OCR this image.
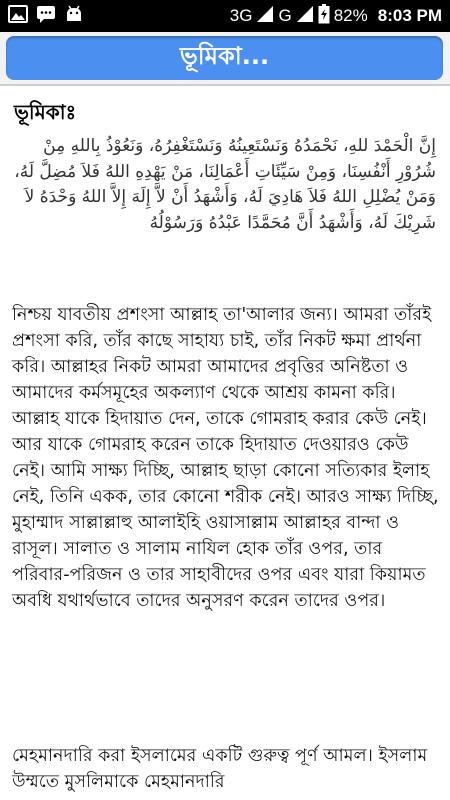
3G G 82% 8:03 PM
ভূমিকা...
ভূমিকাঃ
إِنَّ الْحَمْدَ للهِ، نَحْمَدُهُ وَنَسْتَعِينُهُ وَنَسْتَغْفِرُهُ، وَنَعُوْذُ بِاللهِ مِنْ شُرُوْرِ أَنْفُسِنَا، وَمِنْ سَيِّئَاتِ أَعْمَالِنَا، مَنْ يَهْدِهِ اللهُ فَلاَ مُضِلَّ لَهُ، وَمَنْ يُضْلِلِ اللهُ فَلاَ هَادِيَ لَهُ، وَأَشْهَدُ أَنْ لاَّ إِلَهَ إِلاَّ اللهُ وَحْدَهُ لاَ شَرِيْكَ لَهُ، وَأَشْهَدُ أَنَّ مُحَمَّدًا عَبْدُهُ وَرَسُوْلُهُ
নিশ্চয় যাবতীয় প্রশংসা আল্লাহ তা'আলার জন্য। আমরা তাঁরই প্রশংসা করি, তাঁর কাছে সাহায্য চাই, তাঁর নিকট ক্ষমা প্রার্থনা করি। আল্লাহর নিকট আমরা আমাদের প্রবৃত্তির অনিষ্টতা ও আমাদের কর্মসমূহের অকল্যাণ থেকে আশ্রয় কামনা করি। আল্লাহ যাকে হিদায়াত দেন, তাকে গোমরাহ করার কেউ নেই। আর যাকে গোমরাহ করেন তাকে হিদায়াত দেওয়ারও কেউ নেই। আমি সাক্ষ্য দিচ্ছি, আল্লাহ ছাড়া কোনো সত্যিকার ইলাহ নেই, তিনি একক, তার কোনো শরীক নেই। আরও সাক্ষ্য দিচ্ছি, মুহাম্মাদ সাল্লাল্লাহু আলাইহি ওয়াসাল্লাম আল্লাহর বান্দা ও রাসূল। সালাত ও সালাম নাযিল হোক তাঁর ওপর, তার পরিবার-পরিজন ও তার সাহাবীদের ওপর এবং যারা কিয়ামত অবধি যথার্থভাবে তাদের অনুসরণ করেন তাদের ওপর।
মেহমানদারি করা ইসলামের একটি গুরুত্ব পূর্ণ আমল। ইসলাম উম্মতে মুসলিমাকে মেহমানদারি
